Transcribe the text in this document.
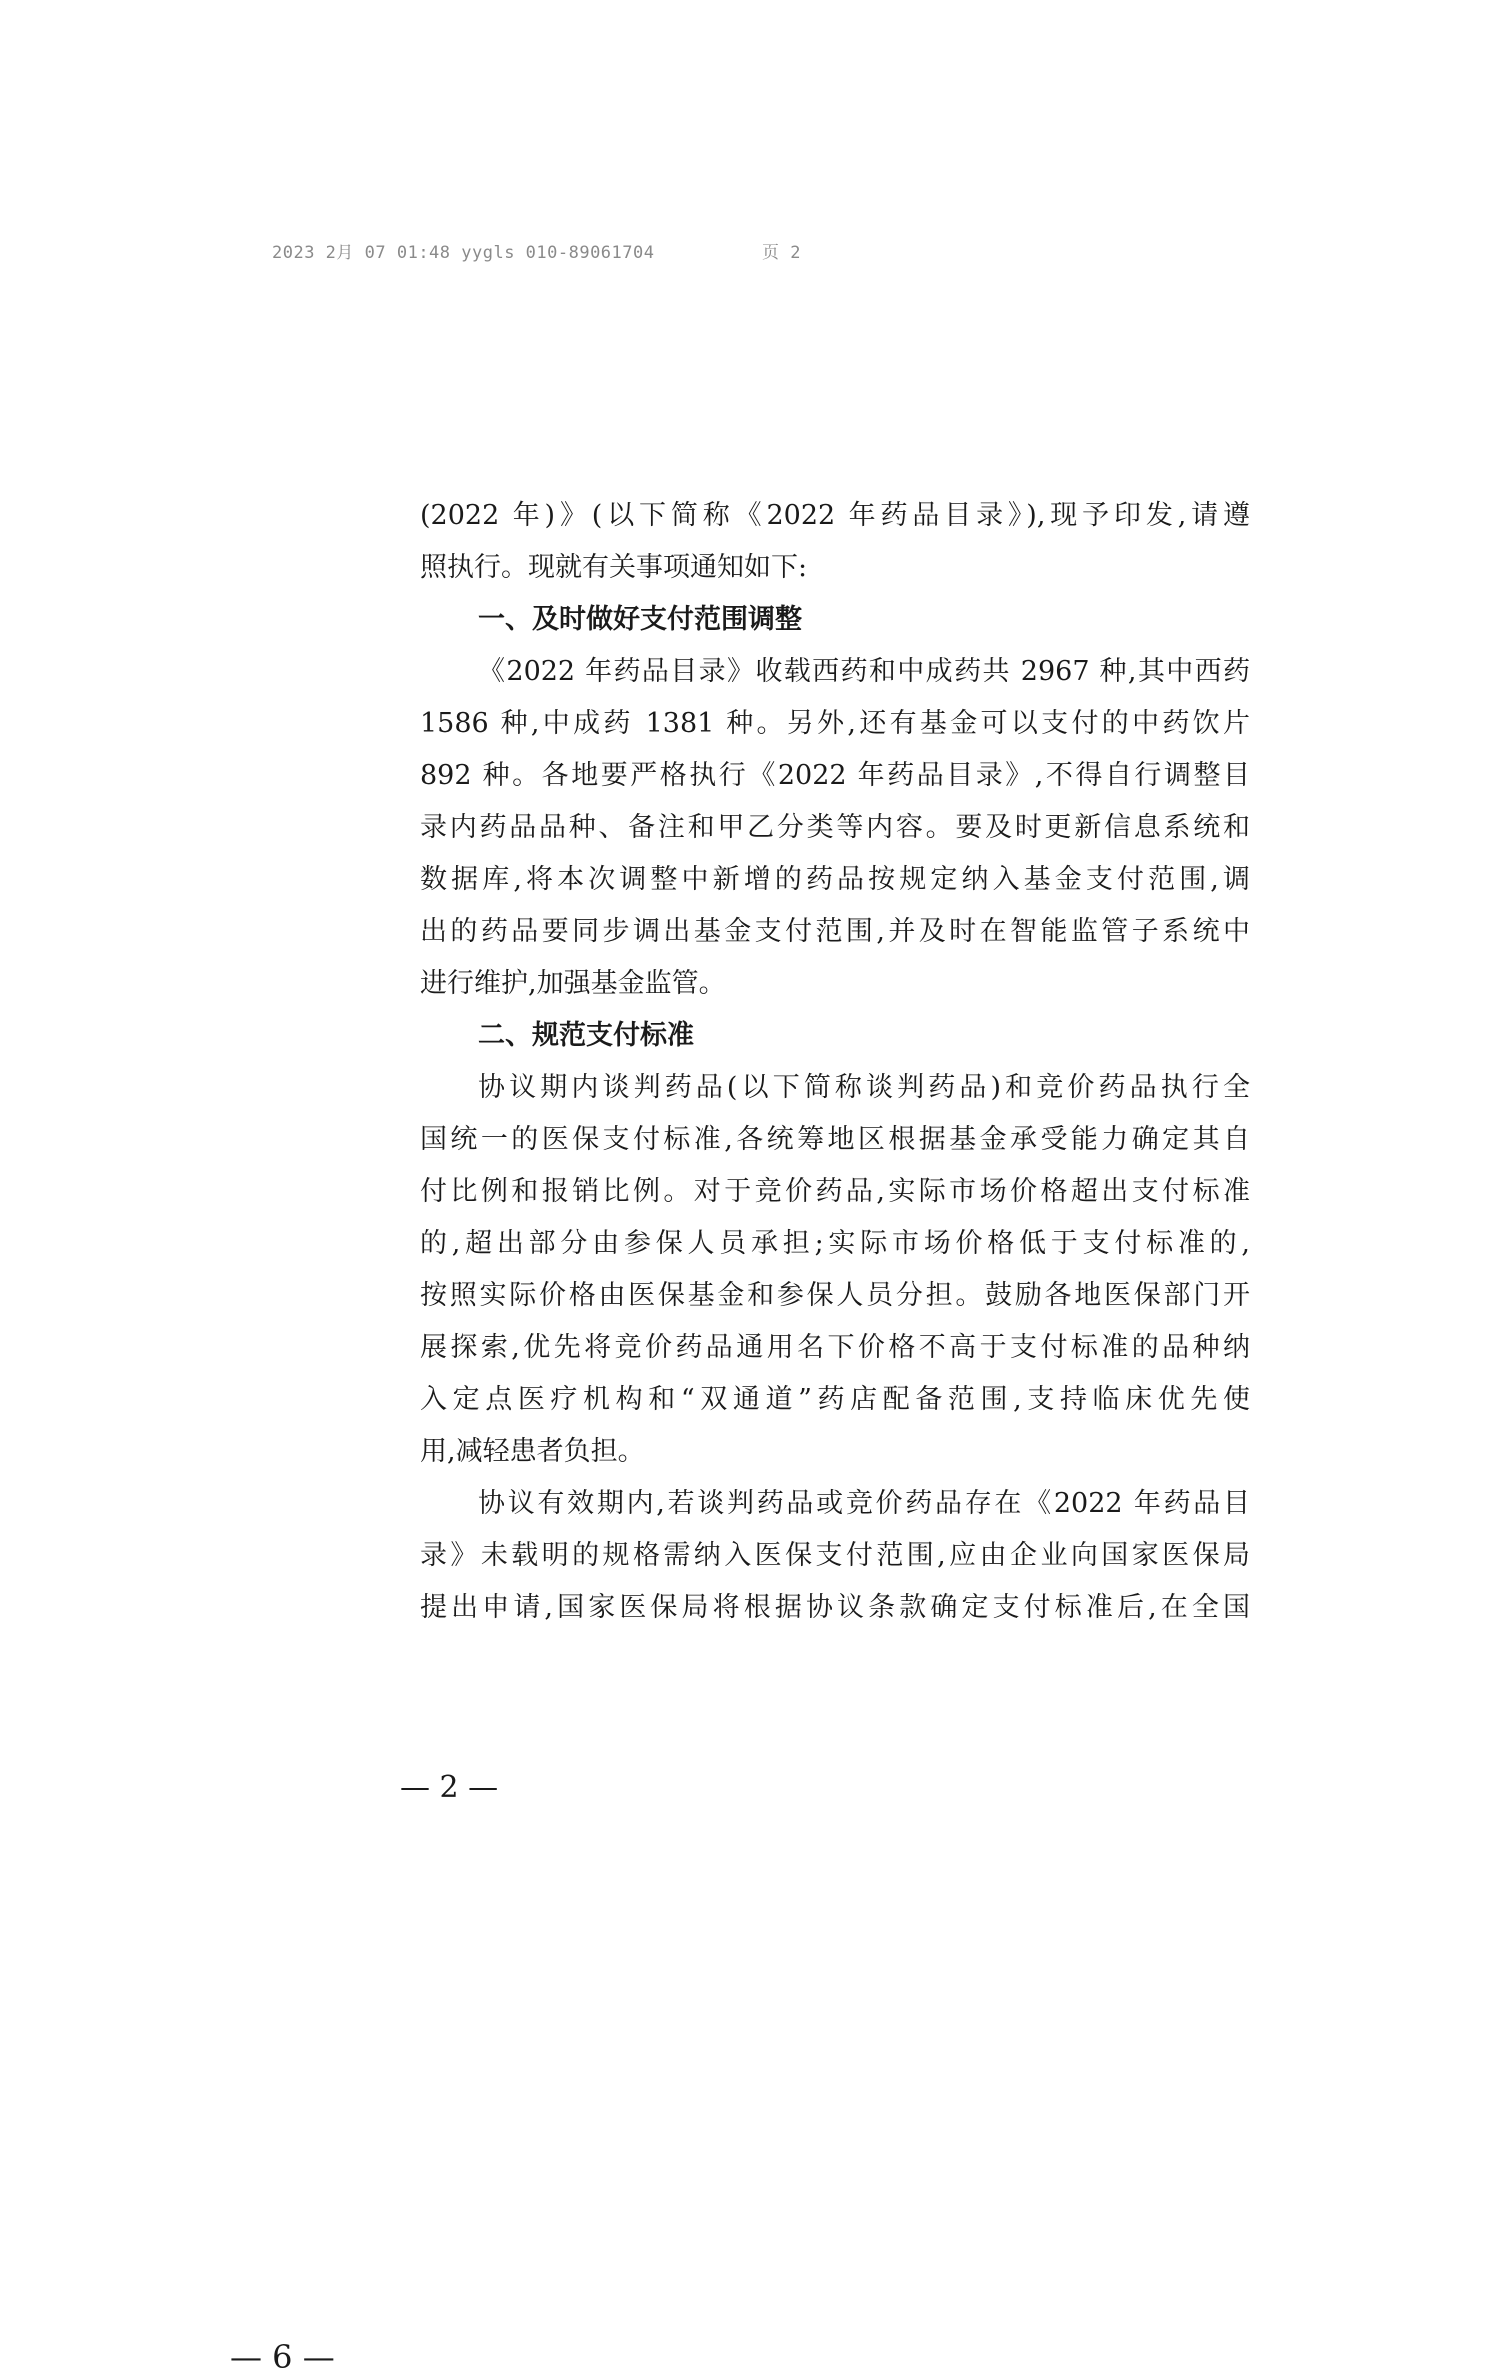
2023 2月 07 01:48 yygls 010-89061704	页 2
(2022 年)》(以下简称《2022 年药品目录》),现予印发,请遵
照执行。现就有关事项通知如下:
一、及时做好支付范围调整
《2022 年药品目录》收载西药和中成药共 2967 种,其中西药
1586 种,中成药 1381 种。另外,还有基金可以支付的中药饮片
892 种。各地要严格执行《2022 年药品目录》,不得自行调整目
录内药品品种、备注和甲乙分类等内容。要及时更新信息系统和
数据库,将本次调整中新增的药品按规定纳入基金支付范围,调
出的药品要同步调出基金支付范围,并及时在智能监管子系统中
进行维护,加强基金监管。
二、规范支付标准
协议期内谈判药品(以下简称谈判药品)和竞价药品执行全
国统一的医保支付标准,各统筹地区根据基金承受能力确定其自
付比例和报销比例。对于竞价药品,实际市场价格超出支付标准
的,超出部分由参保人员承担;实际市场价格低于支付标准的,
按照实际价格由医保基金和参保人员分担。鼓励各地医保部门开
展探索,优先将竞价药品通用名下价格不高于支付标准的品种纳
入定点医疗机构和“双通道”药店配备范围,支持临床优先使
用,减轻患者负担。
协议有效期内,若谈判药品或竞价药品存在《2022 年药品目
录》未载明的规格需纳入医保支付范围,应由企业向国家医保局
提出申请,国家医保局将根据协议条款确定支付标准后,在全国
— 2 —
— 6 —
